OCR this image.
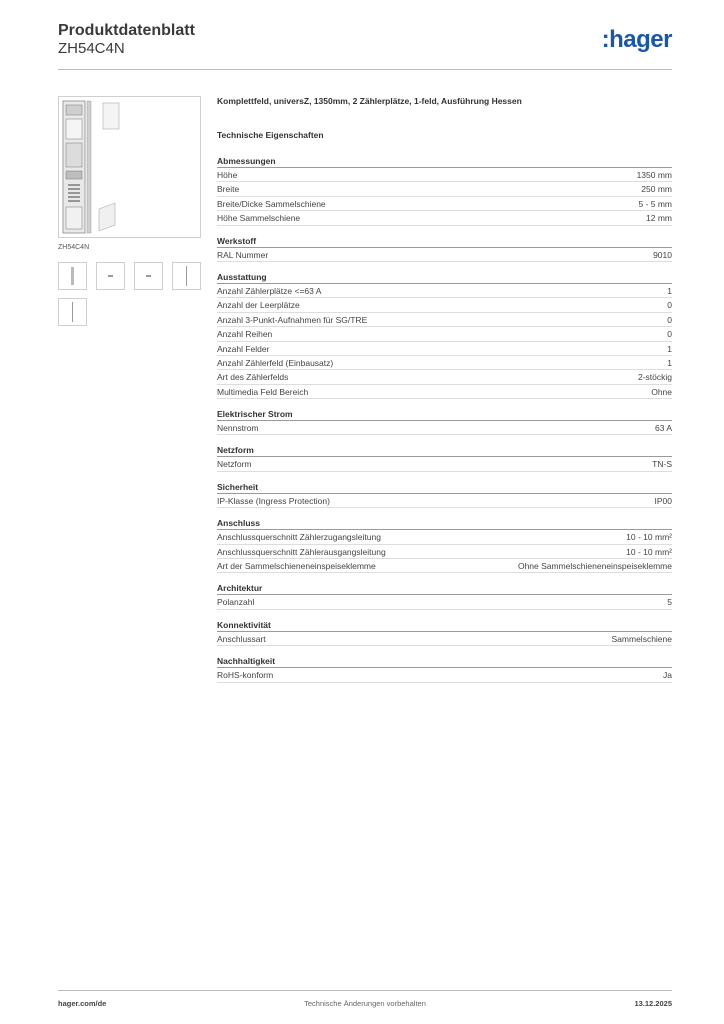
Produktdatenblatt
ZH54C4N	:hager
ZH54C4N
Komplettfeld, universZ, 1350mm, 2 Zählerplätze, 1-feld, Ausführung Hessen
Technische Eigenschaften
Abmessungen
Höhe	1350 mm
Breite	250 mm
Breite/Dicke Sammelschiene	5 - 5 mm
Höhe Sammelschiene	12 mm
Werkstoff
RAL Nummer	9010
Ausstattung
Anzahl Zählerplätze <=63 A	1
Anzahl der Leerplätze	0
Anzahl 3-Punkt-Aufnahmen für SG/TRE	0
Anzahl Reihen	0
Anzahl Felder	1
Anzahl Zählerfeld (Einbausatz)	1
Art des Zählerfelds	2-stöckig
Multimedia Feld Bereich	Ohne
Elektrischer Strom
Nennstrom	63 A
Netzform
Netzform	TN-S
Sicherheit
IP-Klasse (Ingress Protection)	IP00
Anschluss
Anschlussquerschnitt Zählerzugangsleitung	10 - 10 mm²
Anschlussquerschnitt Zählerausgangsleitung	10 - 10 mm²
Art der Sammelschieneneinspeiseklemme	Ohne Sammelschieneneinspeiseklemme
Architektur
Polanzahl	5
Konnektivität
Anschlussart	Sammelschiene
Nachhaltigkeit
RoHS-konform	Ja
hager.com/de	Technische Änderungen vorbehalten	13.12.2025
